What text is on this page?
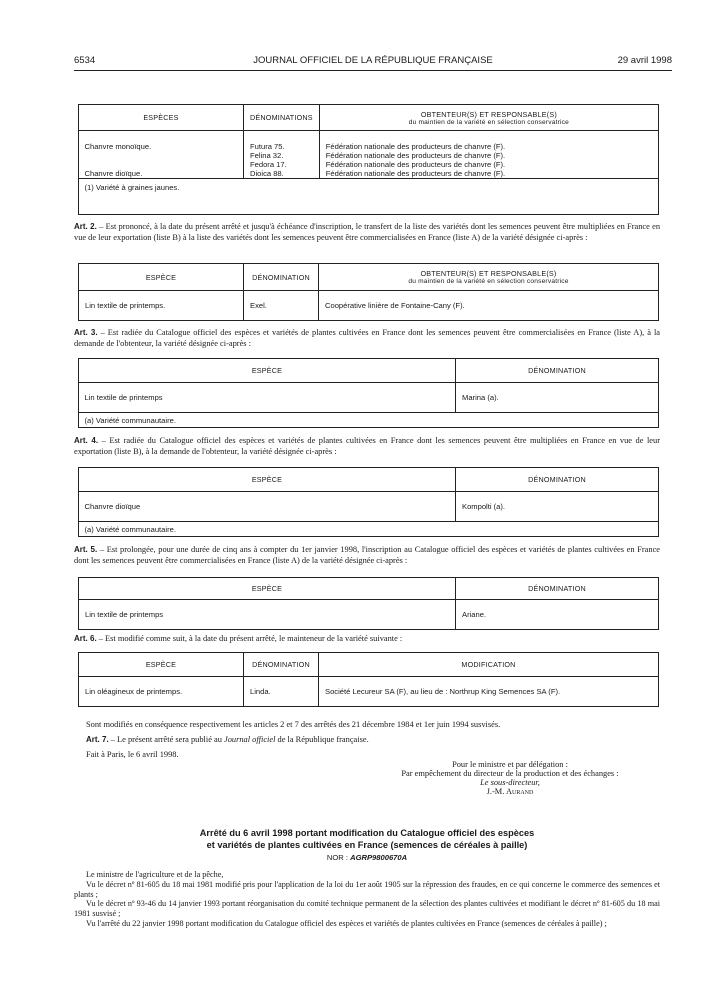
6534	JOURNAL OFFICIEL DE LA RÉPUBLIQUE FRANÇAISE	29 avril 1998
ESPÈCES	DÉNOMINATIONS	OBTENTEUR(S) ET RESPONSABLE(S)
du maintien de la variété en sélection conservatrice

Chanvre monoïque.	Futura 75.	Fédération nationale des producteurs de chanvre (F).
	Felina 32.	Fédération nationale des producteurs de chanvre (F).
	Fedora 17.	Fédération nationale des producteurs de chanvre (F).
Chanvre dioïque.	Dioica 88.	Fédération nationale des producteurs de chanvre (F).
(1) Variété à graines jaunes.		
Art. 2. – Est prononcé, à la date du présent arrêté et jusqu'à échéance d'inscription, le transfert de la liste des variétés dont les semences peuvent être multipliées en France en vue de leur exportation (liste B) à la liste des variétés dont les semences peuvent être commercialisées en France (liste A) de la variété désignée ci-après :
ESPÈCE	DÉNOMINATION	OBTENTEUR(S) ET RESPONSABLE(S)
du maintien de la variété en sélection conservatrice

Lin textile de printemps.	Exel.	Coopérative linière de Fontaine-Cany (F).
Art. 3. – Est radiée du Catalogue officiel des espèces et variétés de plantes cultivées en France dont les semences peuvent être commercialisées en France (liste A), à la demande de l'obtenteur, la variété désignée ci-après :
ESPÈCE	DÉNOMINATION
Lin textile de printemps	Marina (a).
(a) Variété communautaire.	
Art. 4. – Est radiée du Catalogue officiel des espèces et variétés de plantes cultivées en France dont les semences peuvent être multipliées en France en vue de leur exportation (liste B), à la demande de l'obtenteur, la variété désignée ci-après :
ESPÈCE	DÉNOMINATION
Chanvre dioïque	Kompolti (a).
(a) Variété communautaire.	
Art. 5. – Est prolongée, pour une durée de cinq ans à compter du 1er janvier 1998, l'inscription au Catalogue officiel des espèces et variétés de plantes cultivées en France dont les semences peuvent être commercialisées en France (liste A) de la variété désignée ci-après :
ESPÈCE	DÉNOMINATION
Lin textile de printemps	Ariane.
Art. 6. – Est modifié comme suit, à la date du présent arrêté, le mainteneur de la variété suivante :
ESPÈCE	DÉNOMINATION	MODIFICATION
Lin oléagineux de printemps.	Linda.	Société Lecureur SA (F), au lieu de : Northrup King Semences SA (F).
Sont modifiés en conséquence respectivement les articles 2 et 7 des arrêtés des 21 décembre 1984 et 1er juin 1994 susvisés.
Art. 7. – Le présent arrêté sera publié au Journal officiel de la République française.
Fait à Paris, le 6 avril 1998.
Pour le ministre et par délégation :
Par empêchement du directeur de la production et des échanges :
Le sous-directeur,
J.-M. Aurand
Arrêté du 6 avril 1998 portant modification du Catalogue officiel des espèces
et variétés de plantes cultivées en France (semences de céréales à paille)
NOR : AGRP9800670A

Le ministre de l'agriculture et de la pêche,

Vu le décret nº 81-605 du 18 mai 1981 modifié pris pour l'application de la loi du 1er août 1905 sur la répression des fraudes, en ce qui concerne le commerce des semences et plants ;

Vu le décret nº 93-46 du 14 janvier 1993 portant réorganisation du comité technique permanent de la sélection des plantes cultivées et modifiant le décret nº 81-605 du 18 mai 1981 susvisé ;

Vu l'arrêté du 22 janvier 1998 portant modification du Catalogue officiel des espèces et variétés de plantes cultivées en France (semences de céréales à paille) ;
